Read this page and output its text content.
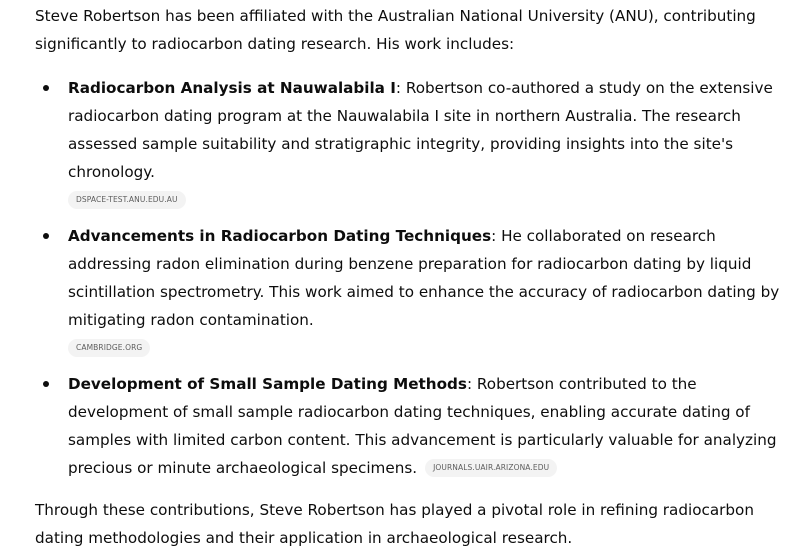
Steve Robertson has been affiliated with the Australian National University (ANU), contributing significantly to radiocarbon dating research. His work includes:

Radiocarbon Analysis at Nauwalabila I: Robertson co-authored a study on the extensive radiocarbon dating program at the Nauwalabila I site in northern Australia. The research assessed sample suitability and stratigraphic integrity, providing insights into the site's chronology.
DSPACE-TEST.ANU.EDU.AU
Advancements in Radiocarbon Dating Techniques: He collaborated on research addressing radon elimination during benzene preparation for radiocarbon dating by liquid scintillation spectrometry. This work aimed to enhance the accuracy of radiocarbon dating by mitigating radon contamination.
CAMBRIDGE.ORG
Development of Small Sample Dating Methods: Robertson contributed to the development of small sample radiocarbon dating techniques, enabling accurate dating of samples with limited carbon content. This advancement is particularly valuable for analyzing precious or minute archaeological specimens. JOURNALS.UAIR.ARIZONA.EDU

Through these contributions, Steve Robertson has played a pivotal role in refining radiocarbon dating methodologies and their application in archaeological research.
